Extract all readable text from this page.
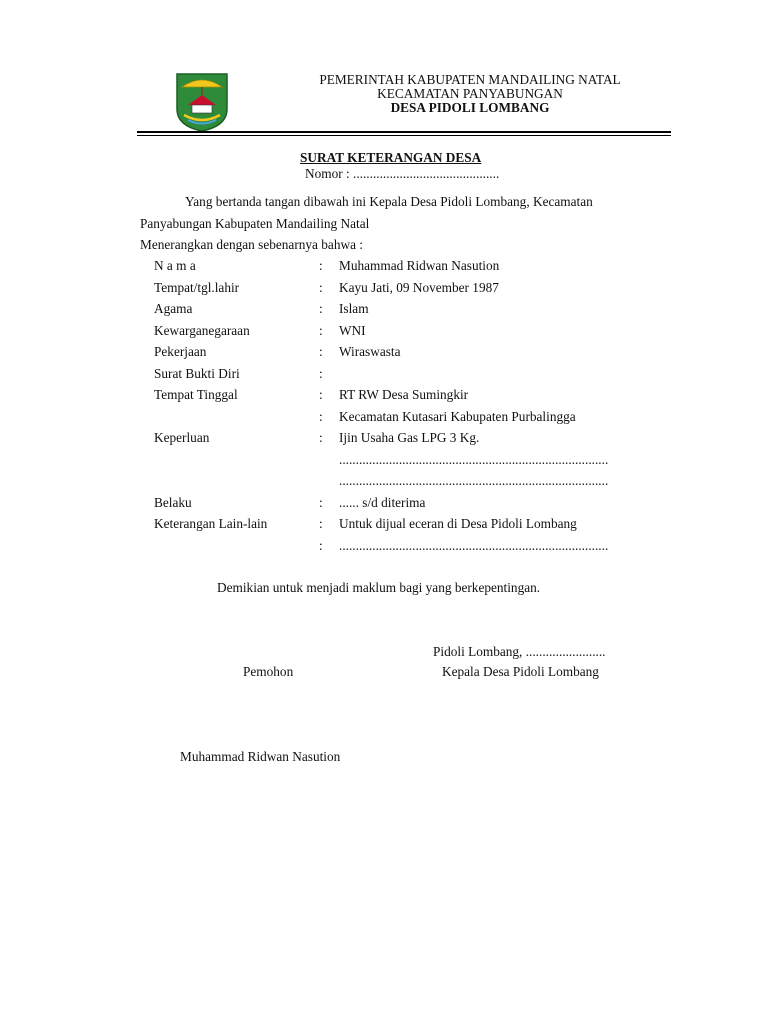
PEMERINTAH KABUPATEN MANDAILING NATAL
KECAMATAN PANYABUNGAN
DESA PIDOLI LOMBANG
SURAT KETERANGAN DESA
Nomor : ............................................
Yang bertanda tangan dibawah ini Kepala Desa Pidoli Lombang, Kecamatan
Panyabungan Kabupaten Mandailing Natal
Menerangkan dengan sebenarnya bahwa :
N a m a	: Muhammad Ridwan Nasution
Tempat/tgl.lahir	: Kayu Jati, 09 November 1987
Agama	: Islam
Kewarganegaraan	: WNI
Pekerjaan	: Wiraswasta
Surat Bukti Diri	:
Tempat Tinggal	: RT RW Desa Sumingkir
: Kecamatan Kutasari Kabupaten Purbalingga
Keperluan	: Ijin Usaha Gas LPG 3 Kg.
.................................................................................
.................................................................................
Belaku	: ...... s/d diterima
Keterangan Lain-lain	: Untuk dijual eceran di Desa Pidoli Lombang
: .................................................................................
Demikian untuk menjadi maklum bagi yang berkepentingan.
Pidoli Lombang, ........................
Pemohon	Kepala Desa Pidoli Lombang
Muhammad Ridwan Nasution
